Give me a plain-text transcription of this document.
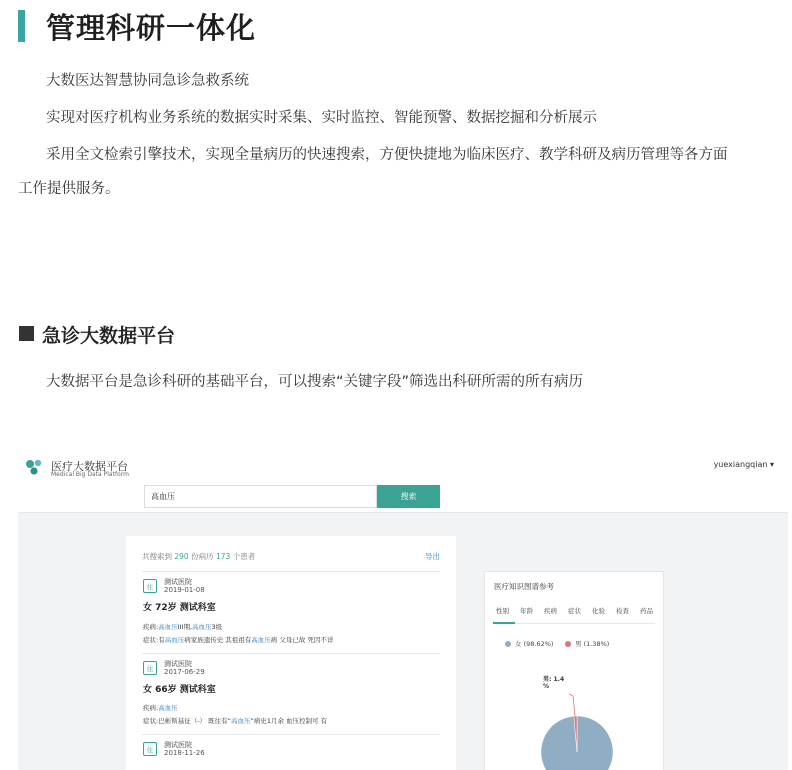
管理科研一体化
大数医达智慧协同急诊急救系统
实现对医疗机构业务系统的数据实时采集、实时监控、智能预警、数据挖掘和分析展示
采用全文检索引擎技术，实现全量病历的快速搜索，方便快捷地为临床医疗、教学科研及病历管理等各方面
工作提供服务。
急诊大数据平台
大数据平台是急诊科研的基础平台，可以搜索“关键字段”筛选出科研所需的所有病历
医疗大数据平台
Medical Big Data Platform
yuexiangqian ▾
高血压	搜索
共搜索到 290 份病历 173 个患者	导出
住
测试医院
2019-01-08
女 72岁 测试科室
疾病:高血压III期,高血压3级
症状:有高血压病家族遗传史 其祖祖有高血压病 父母已故 死因不详
住
测试医院
2017-06-29
女 66岁 测试科室
疾病:高血压
症状:巴彬斯基征（-） 既往有“高血压”病史1月余 血压控制可 有
住
测试医院
2018-11-26
医疗知识图谱参考
性别 年龄 疾病 症状 化验 检查 药品
女 (98.62%)	男 (1.38%)
男: 1.4
%
